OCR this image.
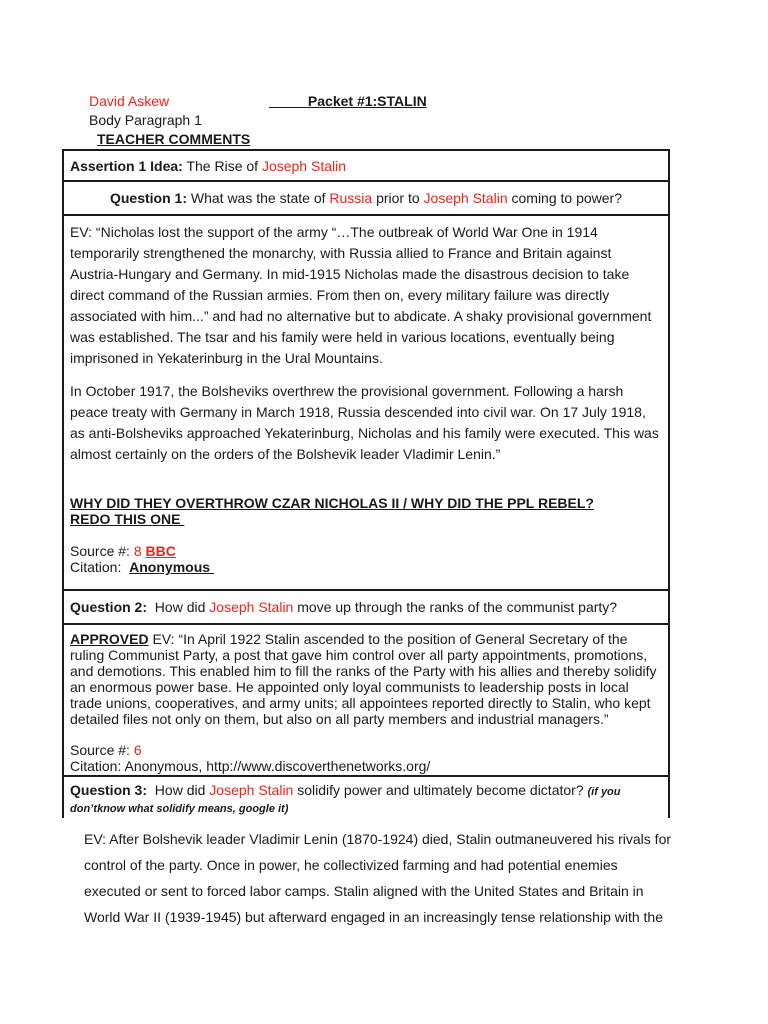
David Askew	Packet #1:STALIN
Body Paragraph 1
TEACHER COMMENTS
Assertion 1 Idea: The Rise of Joseph Stalin
Question 1: What was the state of Russia prior to Joseph Stalin coming to power?

EV: “Nicholas lost the support of the army “…The outbreak of World War One in 1914 temporarily strengthened the monarchy, with Russia allied to France and Britain against Austria-Hungary and Germany. In mid-1915 Nicholas made the disastrous decision to take direct command of the Russian armies. From then on, every military failure was directly associated with him...” and had no alternative but to abdicate. A shaky provisional government was established. The tsar and his family were held in various locations, eventually being imprisoned in Yekaterinburg in the Ural Mountains.

In October 1917, the Bolsheviks overthrew the provisional government. Following a harsh peace treaty with Germany in March 1918, Russia descended into civil war. On 17 July 1918, as anti-Bolsheviks approached Yekaterinburg, Nicholas and his family were executed. This was almost certainly on the orders of the Bolshevik leader Vladimir Lenin.”

WHY DID THEY OVERTHROW CZAR NICHOLAS II / WHY DID THE PPL REBEL?
REDO THIS ONE
Source #: 8 BBC
Citation: Anonymous
Question 2: How did Joseph Stalin move up through the ranks of the communist party?

APPROVED EV: “In April 1922 Stalin ascended to the position of General Secretary of the ruling Communist Party, a post that gave him control over all party appointments, promotions, and demotions. This enabled him to fill the ranks of the Party with his allies and thereby solidify an enormous power base. He appointed only loyal communists to leadership posts in local trade unions, cooperatives, and army units; all appointees reported directly to Stalin, who kept detailed files not only on them, but also on all party members and industrial managers.”

Source #: 6
Citation: Anonymous, http://www.discoverthenetworks.org/
Question 3: How did Joseph Stalin solidify power and ultimately become dictator? (if you don’tknow what solidify means, google it)

EV: After Bolshevik leader Vladimir Lenin (1870-1924) died, Stalin outmaneuvered his rivals for control of the party. Once in power, he collectivized farming and had potential enemies executed or sent to forced labor camps. Stalin aligned with the United States and Britain in World War II (1939-1945) but afterward engaged in an increasingly tense relationship with the
